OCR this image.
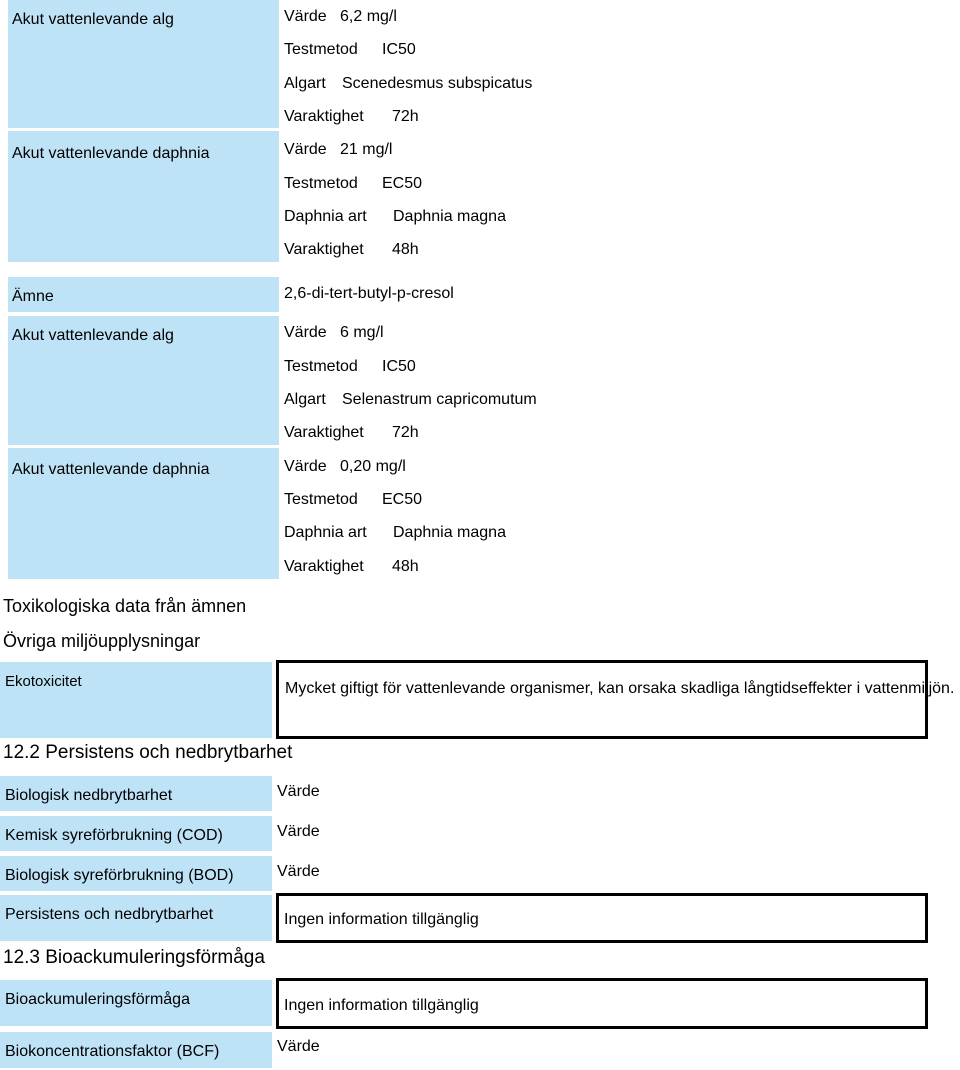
Akut vattenlevande alg	Värde 6,2 mg/l
Testmetod IC50
Algart Scenedesmus subspicatus
Varaktighet 72h
Akut vattenlevande daphnia	Värde 21 mg/l
Testmetod EC50
Daphnia art Daphnia magna
Varaktighet 48h
Ämne	2,6-di-tert-butyl-p-cresol
Akut vattenlevande alg	Värde 6 mg/l
Testmetod IC50
Algart Selenastrum capricomutum
Varaktighet 72h
Akut vattenlevande daphnia	Värde 0,20 mg/l
Testmetod EC50
Daphnia art Daphnia magna
Varaktighet 48h
Toxikologiska data från ämnen
Övriga miljöupplysningar
Ekotoxicitet	Mycket giftigt för vattenlevande organismer, kan orsaka skadliga långtidseffekter i vattenmiljön.
12.2 Persistens och nedbrytbarhet
Biologisk nedbrytbarhet	Värde
Kemisk syreförbrukning (COD)	Värde
Biologisk syreförbrukning (BOD)	Värde
Persistens och nedbrytbarhet	Ingen information tillgänglig
12.3 Bioackumuleringsförmåga
Bioackumuleringsförmåga	Ingen information tillgänglig
Biokoncentrationsfaktor (BCF)	Värde
